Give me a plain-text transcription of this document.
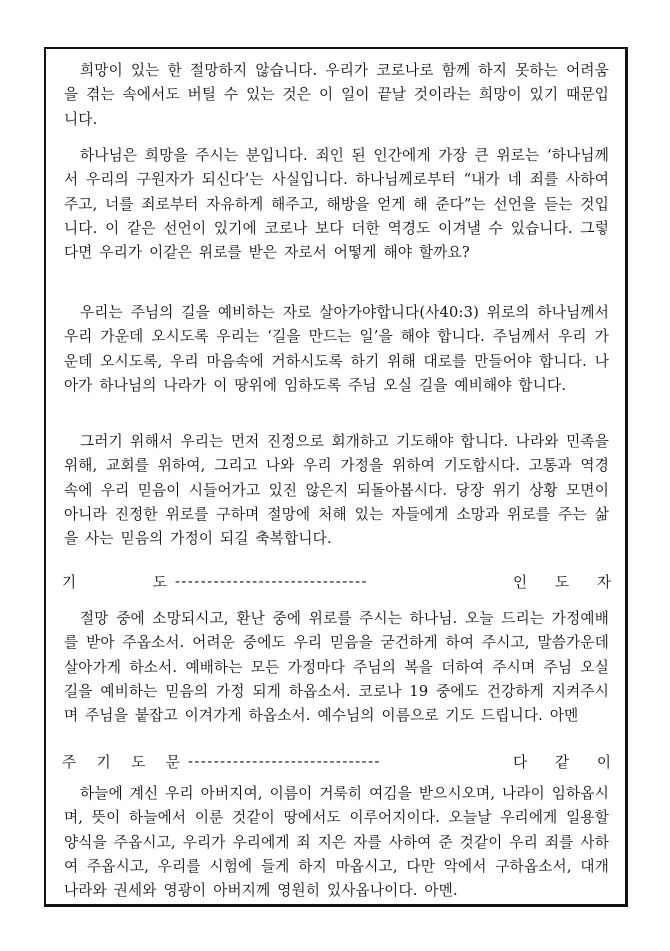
희망이 있는 한 절망하지 않습니다. 우리가 코로나로 함께 하지 못하는 어려움을 겪는 속에서도 버틸 수 있는 것은 이 일이 끝날 것이라는 희망이 있기 때문입니다.

하나님은 희망을 주시는 분입니다. 죄인 된 인간에게 가장 큰 위로는 ‘하나님께서 우리의 구원자가 되신다’는 사실입니다. 하나님께로부터 “내가 네 죄를 사하여 주고, 너를 죄로부터 자유하게 해주고, 해방을 얻게 해 준다”는 선언을 듣는 것입니다. 이 같은 선언이 있기에 코로나 보다 더한 역경도 이겨낼 수 있습니다. 그렇다면 우리가 이같은 위로를 받은 자로서 어떻게 해야 할까요?

우리는 주님의 길을 예비하는 자로 살아가야합니다(사40:3) 위로의 하나님께서 우리 가운데 오시도록 우리는 ‘길을 만드는 일’을 해야 합니다. 주님께서 우리 가운데 오시도록, 우리 마음속에 거하시도록 하기 위해 대로를 만들어야 합니다. 나아가 하나님의 나라가 이 땅위에 임하도록 주님 오실 길을 예비해야 합니다.

그러기 위해서 우리는 먼저 진정으로 회개하고 기도해야 합니다. 나라와 민족을 위해, 교회를 위하여, 그리고 나와 우리 가정을 위하여 기도합시다. 고통과 역경 속에 우리 믿음이 시들어가고 있진 않은지 되돌아봅시다. 당장 위기 상황 모면이 아니라 진정한 위로를 구하며 절망에 처해 있는 자들에게 소망과 위로를 주는 삶을 사는 믿음의 가정이 되길 축복합니다.

기	도 ------------------------------	인 도 자

절망 중에 소망되시고, 환난 중에 위로를 주시는 하나님. 오늘 드리는 가정예배를 받아 주옵소서. 어려운 중에도 우리 믿음을 굳건하게 하여 주시고, 말씀가운데 살아가게 하소서. 예배하는 모든 가정마다 주님의 복을 더하여 주시며 주님 오실 길을 예비하는 믿음의 가정 되게 하옵소서. 코로나 19 중에도 건강하게 지켜주시며 주님을 붙잡고 이겨가게 하옵소서. 예수님의 이름으로 기도 드립니다. 아멘

주 기 도 문 ------------------------------	다 같 이

하늘에 계신 우리 아버지여, 이름이 거룩히 여김을 받으시오며, 나라이 임하옵시며, 뜻이 하늘에서 이룬 것같이 땅에서도 이루어지이다. 오늘날 우리에게 일용할 양식을 주옵시고, 우리가 우리에게 죄 지은 자를 사하여 준 것같이 우리 죄를 사하여 주옵시고, 우리를 시험에 들게 하지 마옵시고, 다만 악에서 구하옵소서, 대개 나라와 권세와 영광이 아버지께 영원히 있사옵나이다. 아멘.
